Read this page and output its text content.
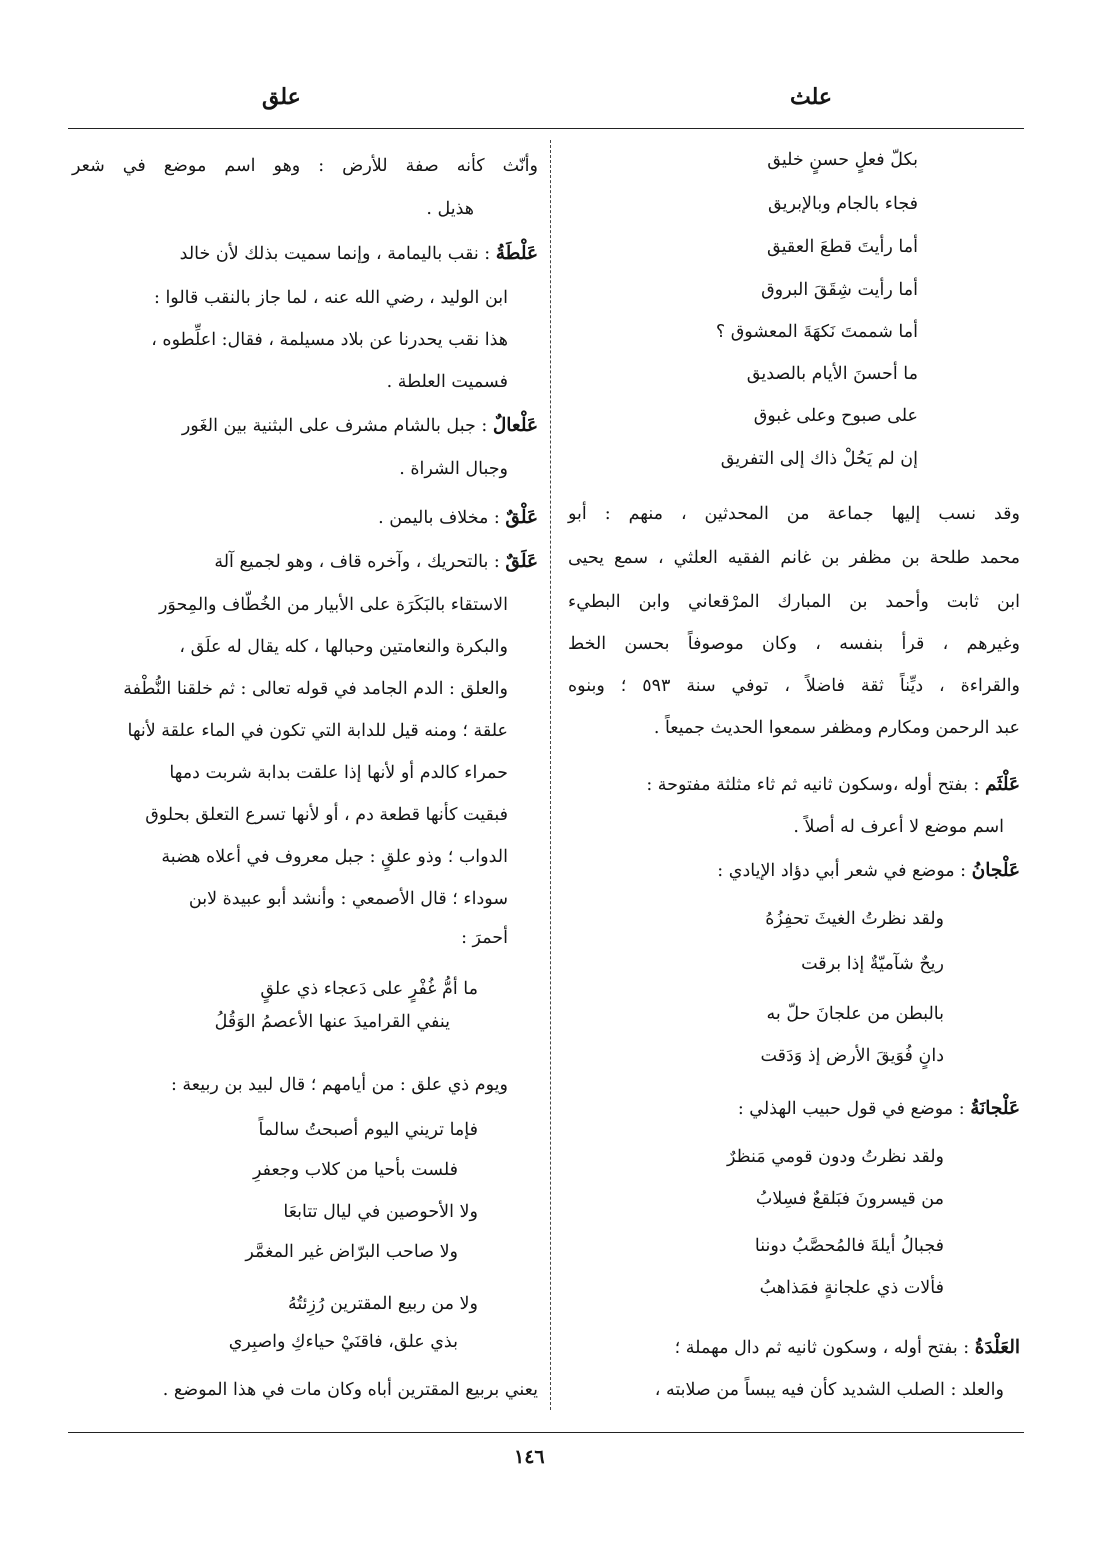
علث
علق
بكلّ فعلٍ حسنٍ خليق
فجاء بالجام وبالإبريق
أما رأيتَ قطعَ العقيق
أما رأيت شِقَقَ البروق
أما شممتَ نَكهَةَ المعشوق ؟
ما أحسنَ الأيام بالصديق
على صبوح وعلى غبوق
إن لم يَحُلْ ذاك إلى التفريق
وقد نسب إليها جماعة من المحدثين ، منهم : أبو
محمد طلحة بن مظفر بن غانم الفقيه العلثي ، سمع يحيى
ابن ثابت وأحمد بن المبارك المرْقعاني وابن البطيء
وغيرهم ، قرأ بنفسه ، وكان موصوفاً بحسن الخط
والقراءة ، ديِّناً ثقة فاضلاً ، توفي سنة ٥٩٣ ؛ وبنوه
عبد الرحمن ومكارم ومظفر سمعوا الحديث جميعاً .
عَلْثَم : بفتح أوله ،وسكون ثانيه ثم ثاء مثلثة مفتوحة :
اسم موضع لا أعرف له أصلاً .
عَلْجانُ : موضع في شعر أبي دؤاد الإيادي :
ولقد نظرتُ الغيثَ تحفِزُهُ
ريحٌ شآميّةٌ إذا برقت
بالبطن من علجانَ حلّ به
دانٍ فُوَيقَ الأرض إذ وَدَقت
عَلْجانَةُ : موضع في قول حبيب الهذلي :
ولقد نظرتُ ودون قومي مَنظرٌ
من قيسرونَ فبَلقعٌ فسِلابُ
فجبالُ أيلةَ فالمُحصَّبُ دوننا
فألات ذي علجانةٍ فمَذاهبُ
العَلْدَةُ : بفتح أوله ، وسكون ثانيه ثم دال مهملة ؛
والعلد : الصلب الشديد كأن فيه يبساً من صلابته ،
وأنّث كأنه صفة للأرض : وهو اسم موضع في شعر
هذيل .
عَلْطَةُ : نقب باليمامة ، وإنما سميت بذلك لأن خالد
ابن الوليد ، رضي الله عنه ، لما جاز بالنقب قالوا :
هذا نقب يحدرنا عن بلاد مسيلمة ، فقال: اعلِّطوه ،
فسميت العلطة .
عَلْعالٌ : جبل بالشام مشرف على البثنية بين الغَور
وجبال الشراة .
عَلْقٌ : مخلاف باليمن .
عَلَقٌ : بالتحريك ، وآخره قاف ، وهو لجميع آلة
الاستقاء بالبَكَرَة على الأبيار من الخُطّاف والمِحوَر
والبكرة والنعامتين وحبالها ، كله يقال له علَق ،
والعلق : الدم الجامد في قوله تعالى : ثم خلقنا النُّطْفة
علقة ؛ ومنه قيل للدابة التي تكون في الماء علقة لأنها
حمراء كالدم أو لأنها إذا علقت بدابة شربت دمها
فبقيت كأنها قطعة دم ، أو لأنها تسرع التعلق بحلوق
الدواب ؛ وذو علقٍ : جبل معروف في أعلاه هضبة
سوداء ؛ قال الأصمعي : وأنشد أبو عبيدة لابن
أحمرَ :
ما أمُّ غُفْرٍ على دَعجاء ذي علقٍ
ينفي القراميدَ عنها الأعصمُ الوَقُلُ
ويوم ذي علق : من أيامهم ؛ قال لبيد بن ربيعة :
فإما تريني اليوم أصبحتُ سالماً
فلست بأحيا من كلاب وجعفرِ
ولا الأحوصين في ليال تتابعَا
ولا صاحب البرّاض غير المغمَّر
ولا من ربيع المقترين رُزِئتُهُ
بذي علق، فاقنَيْ حياءكِ واصبِري
يعني بربيع المقترين أباه وكان مات في هذا الموضع .
١٤٦
